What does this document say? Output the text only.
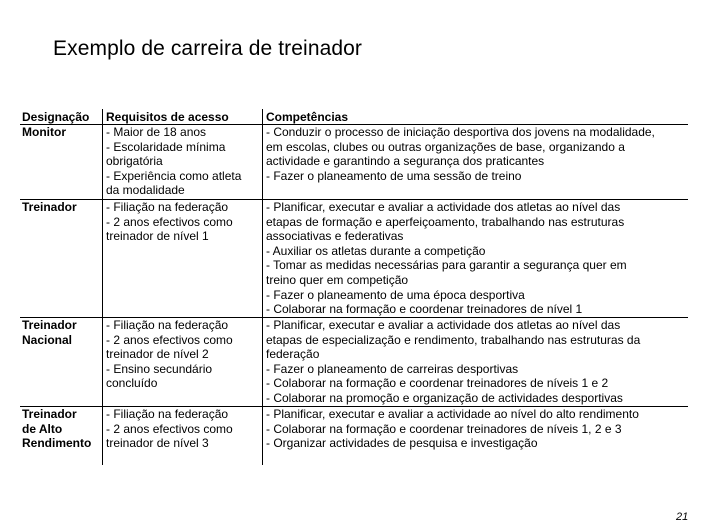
Exemplo de carreira de treinador
Designação Requisitos de acesso	Competências
Monitor	- Maior de 18 anos
- Escolaridade mínima
obrigatória
- Experiência como atleta
da modalidade
- Conduzir o processo de iniciação desportiva dos jovens na modalidade,
em escolas, clubes ou outras organizações de base, organizando a
actividade e garantindo a segurança dos praticantes
- Fazer o planeamento de uma sessão de treino
Treinador - Filiação na federação
- 2 anos efectivos como
treinador de nível 1
- Planificar, executar e avaliar a actividade dos atletas ao nível das
etapas de formação e aperfeiçoamento, trabalhando nas estruturas
associativas e federativas
- Auxiliar os atletas durante a competição
- Tomar as medidas necessárias para garantir a segurança quer em
treino quer em competição
- Fazer o planeamento de uma época desportiva
- Colaborar na formação e coordenar treinadores de nível 1
Treinador
Nacional
- Filiação na federação
- 2 anos efectivos como
treinador de nível 2
- Ensino secundário
concluído
- Planificar, executar e avaliar a actividade dos atletas ao nível das
etapas de especialização e rendimento, trabalhando nas estruturas da
federação
- Fazer o planeamento de carreiras desportivas
- Colaborar na formação e coordenar treinadores de níveis 1 e 2
- Colaborar na promoção e organização de actividades desportivas
Treinador
de Alto
Rendimento
- Filiação na federação
- 2 anos efectivos como
treinador de nível 3
- Planificar, executar e avaliar a actividade ao nível do alto rendimento
- Colaborar na formação e coordenar treinadores de níveis 1, 2 e 3
- Organizar actividades de pesquisa e investigação
21
